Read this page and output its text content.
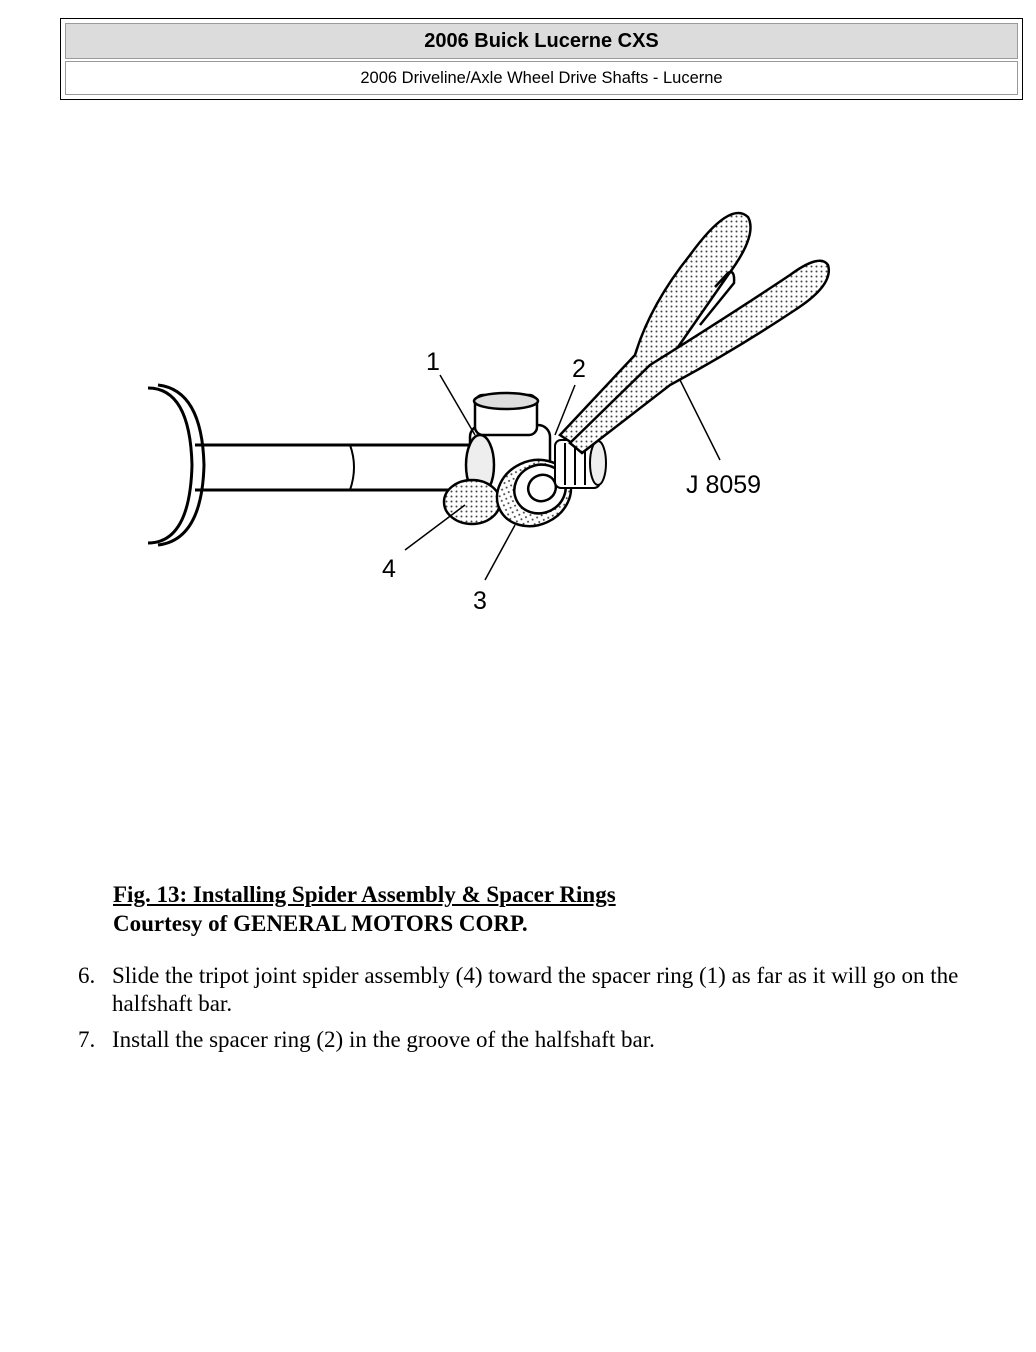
2006 Buick Lucerne CXS
2006 Driveline/Axle Wheel Drive Shafts - Lucerne
1	2
3
4
J 8059
Fig. 13: Installing Spider Assembly & Spacer Rings
Courtesy of GENERAL MOTORS CORP.
6. Slide the tripot joint spider assembly (4) toward the spacer ring (1) as far as it will go on the halfshaft bar.
7. Install the spacer ring (2) in the groove of the halfshaft bar.
